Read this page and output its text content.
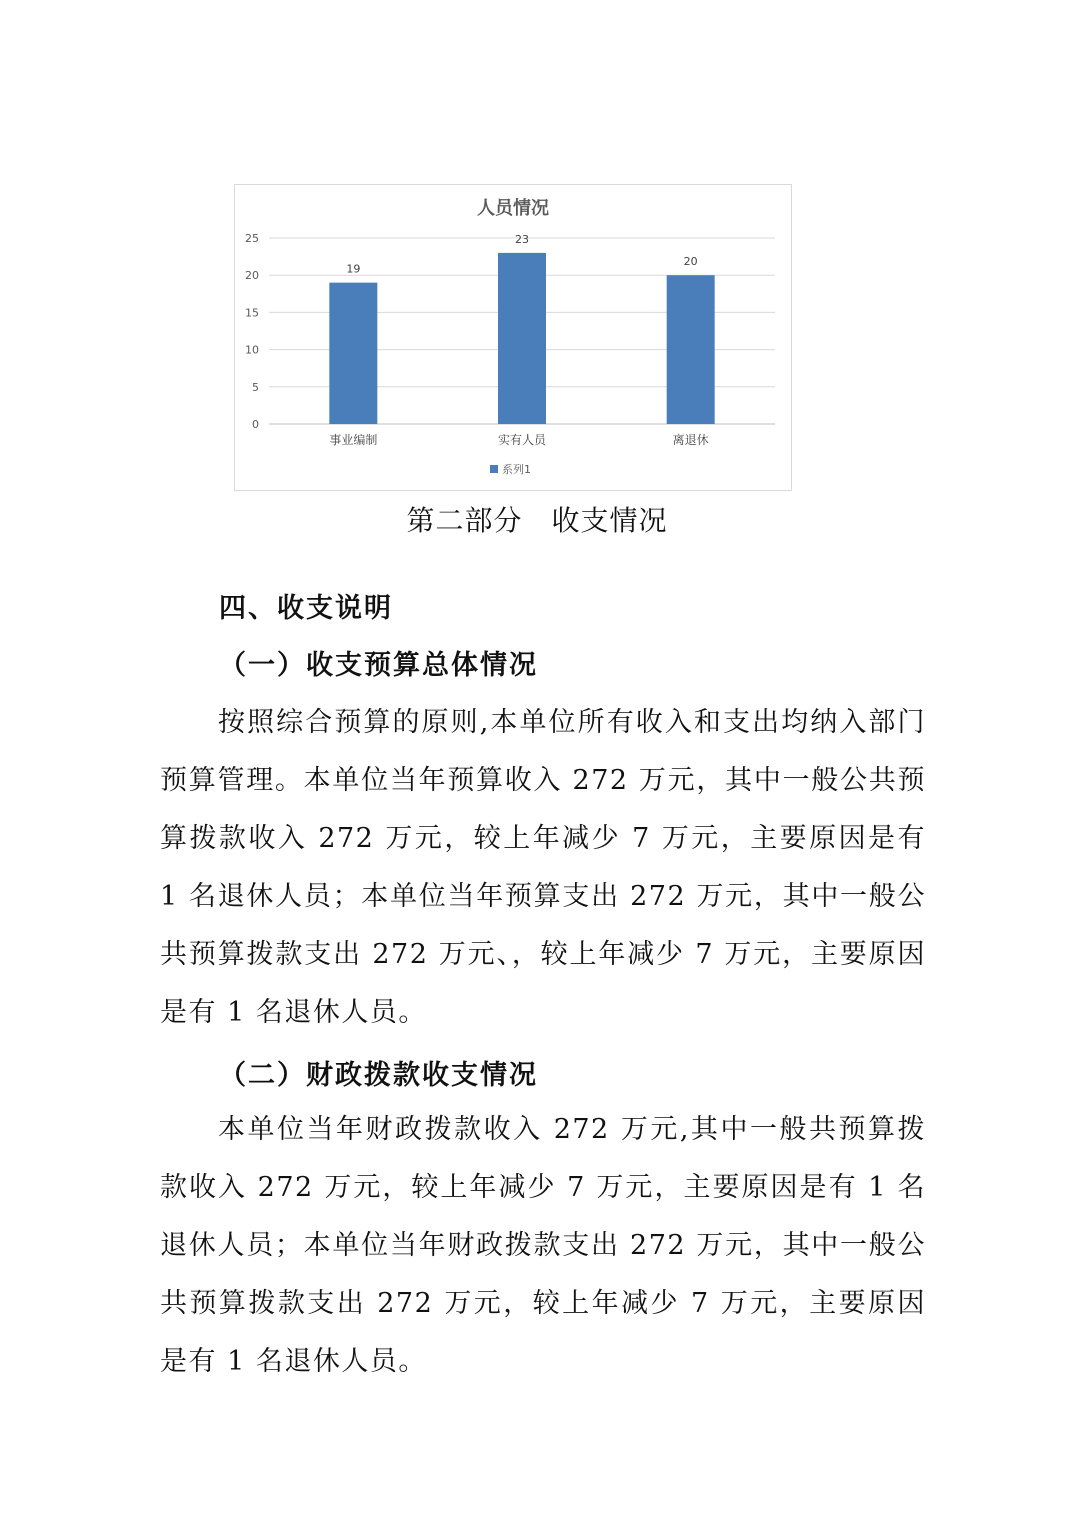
人员情况
0
5
10
15
20
25
19
事业编制
23
实有人员
20
离退休
系列1
第二部分　收支情况
四、收支说明
（一）收支预算总体情况

按照综合预算的原则,本单位所有收入和支出均纳入部门预算管理。本单位当年预算收入 272 万元，其中一般公共预算拨款收入 272 万元，较上年减少 7 万元，主要原因是有 1 名退休人员；本单位当年预算支出 272 万元，其中一般公共预算拨款支出 272 万元、，较上年减少 7 万元，主要原因是有 1 名退休人员。

（二）财政拨款收支情况

本单位当年财政拨款收入 272 万元,其中一般共预算拨款收入 272 万元，较上年减少 7 万元，主要原因是有 1 名退休人员；本单位当年财政拨款支出 272 万元，其中一般公共预算拨款支出 272 万元，较上年减少 7 万元，主要原因是有 1 名退休人员。
